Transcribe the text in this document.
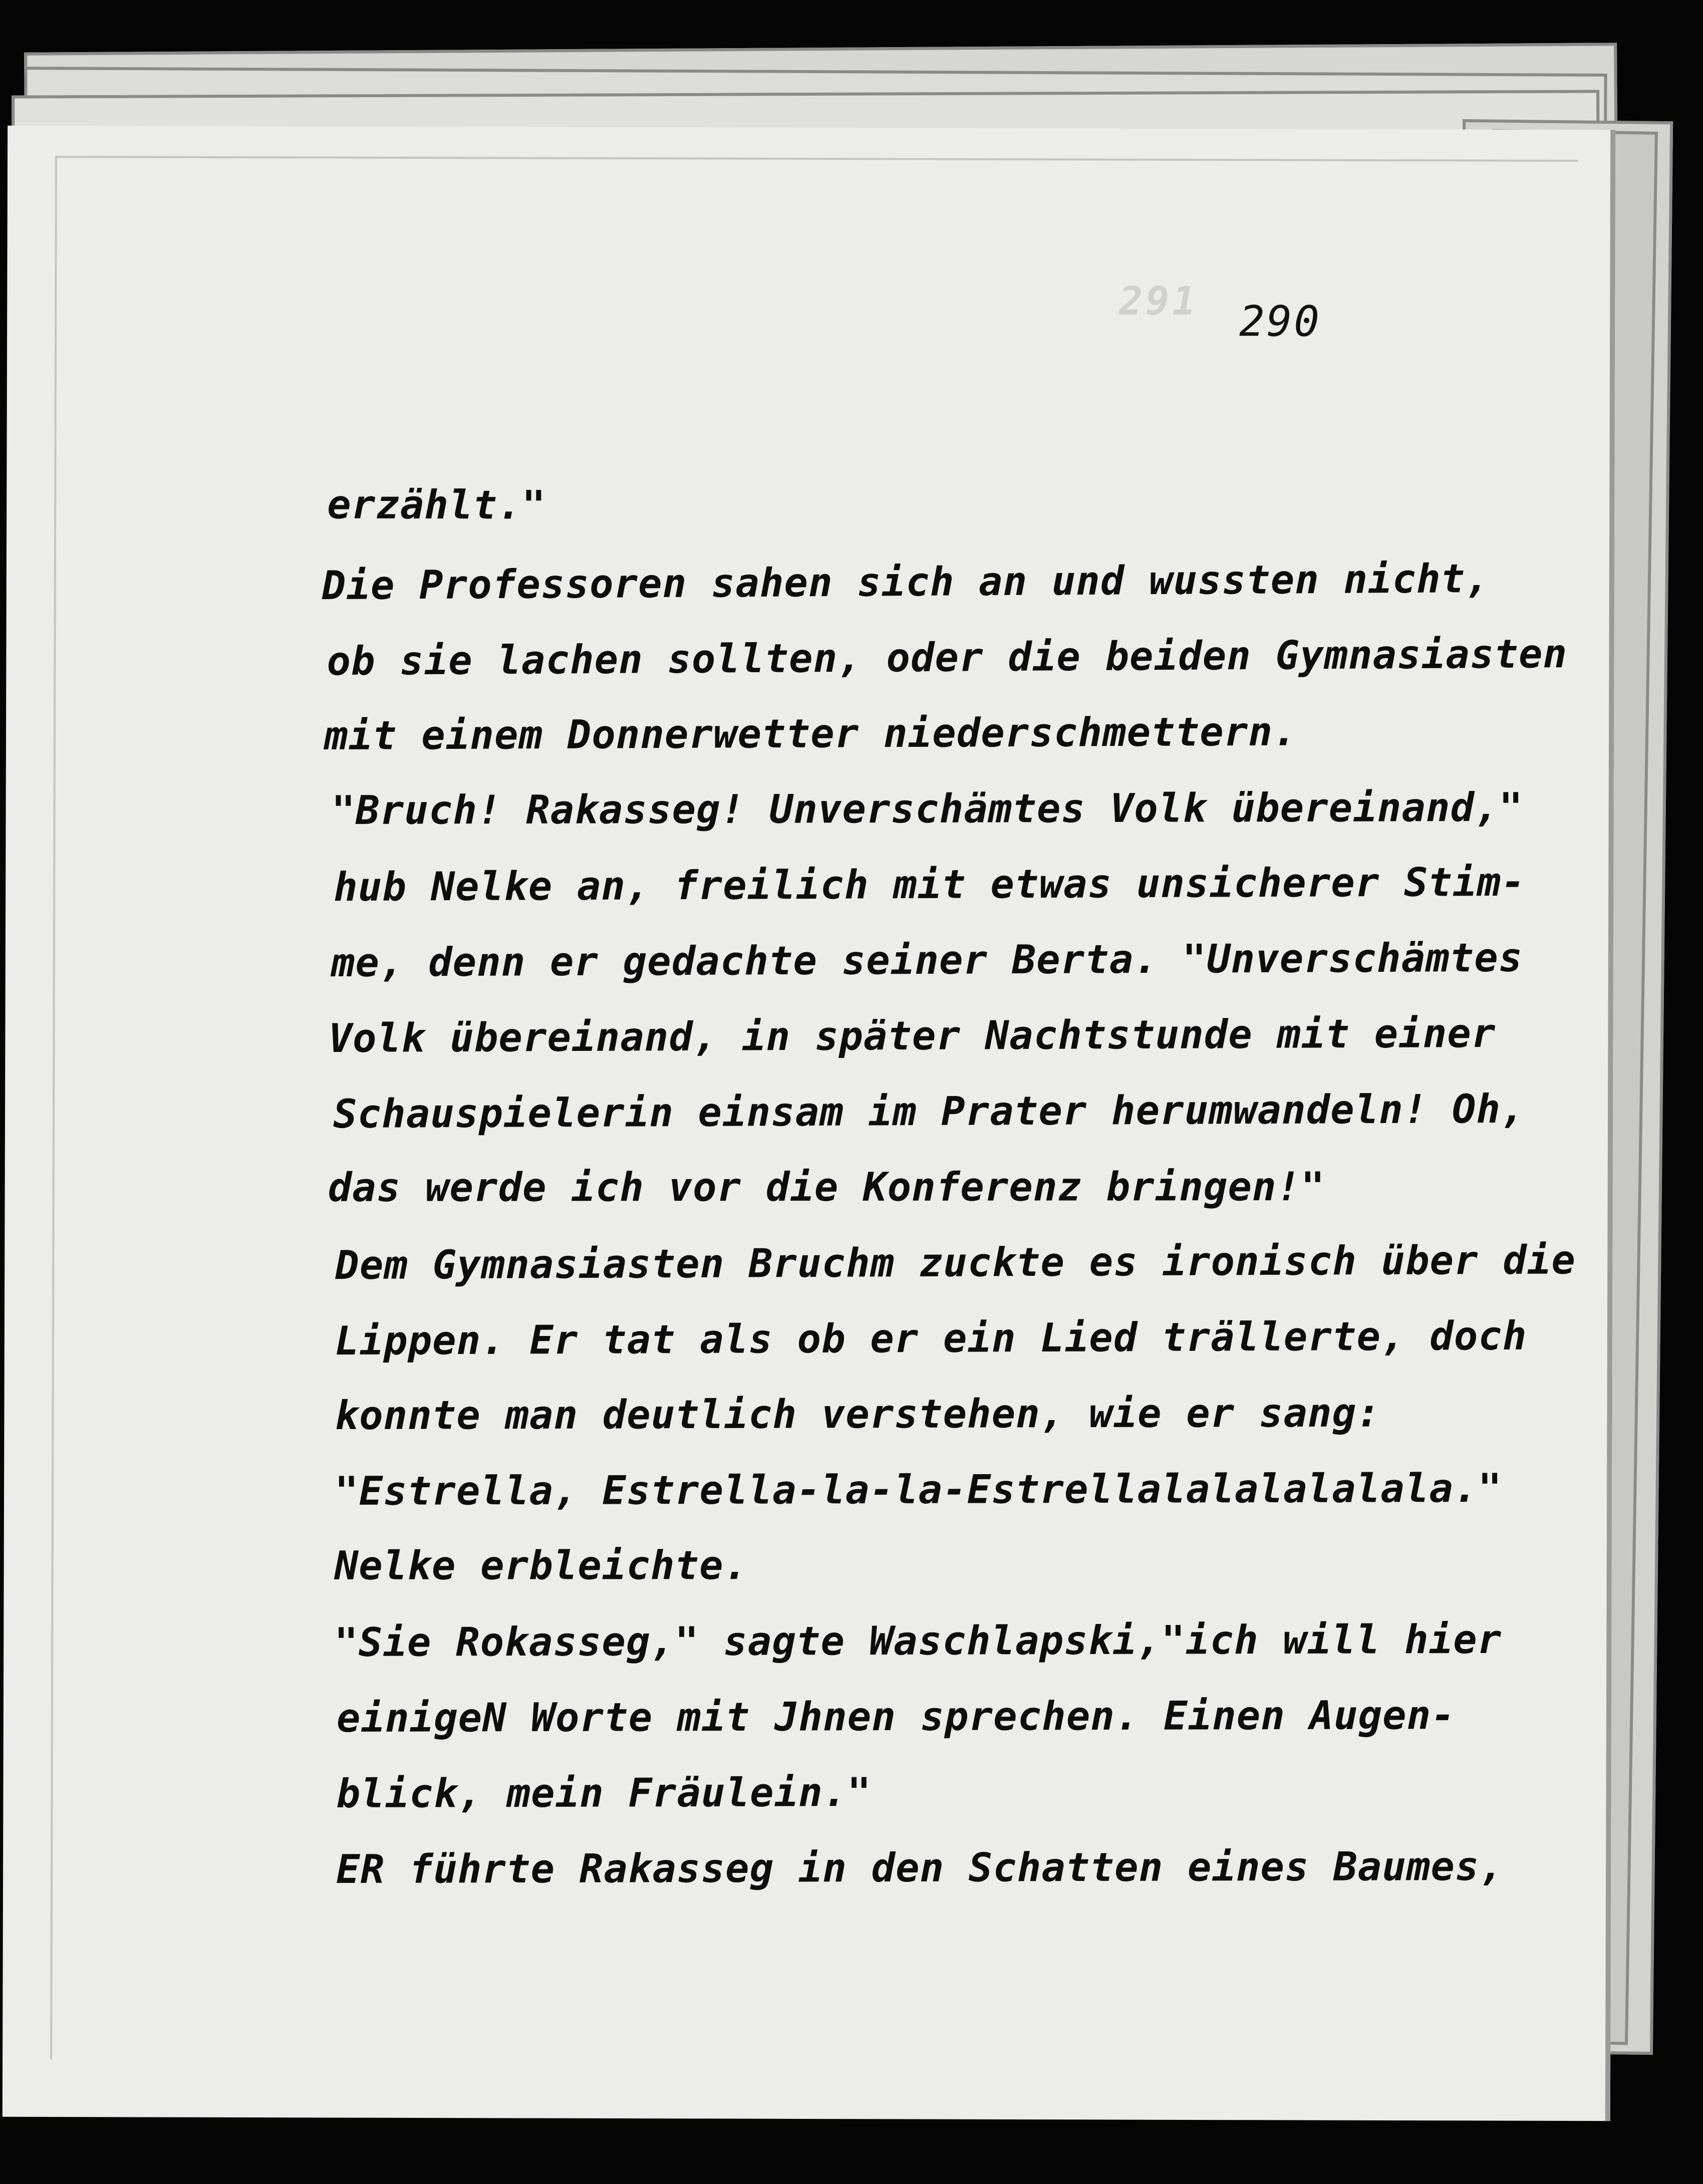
291 290
erzählt."
Die Professoren sahen sich an und wussten nicht,
ob sie lachen sollten, oder die beiden Gymnasiasten
mit einem Donnerwetter niederschmettern.
"Bruch! Rakasseg! Unverschämtes Volk übereinand,"
hub Nelke an, freilich mit etwas unsicherer Stim-
me, denn er gedachte seiner Berta. "Unverschämtes
Volk übereinand, in später Nachtstunde mit einer
Schauspielerin einsam im Prater herumwandeln! Oh,
das werde ich vor die Konferenz bringen!"
Dem Gymnasiasten Bruchm zuckte es ironisch über die
Lippen. Er tat als ob er ein Lied trällerte, doch
konnte man deutlich verstehen, wie er sang:
"Estrella, Estrella-la-la-Estrellalalalalalala."
Nelke erbleichte.
"Sie Rokasseg," sagte Waschlapski,"ich will hier
einigeN Worte mit Jhnen sprechen. Einen Augen-
blick, mein Fräulein."
ER führte Rakasseg in den Schatten eines Baumes,
